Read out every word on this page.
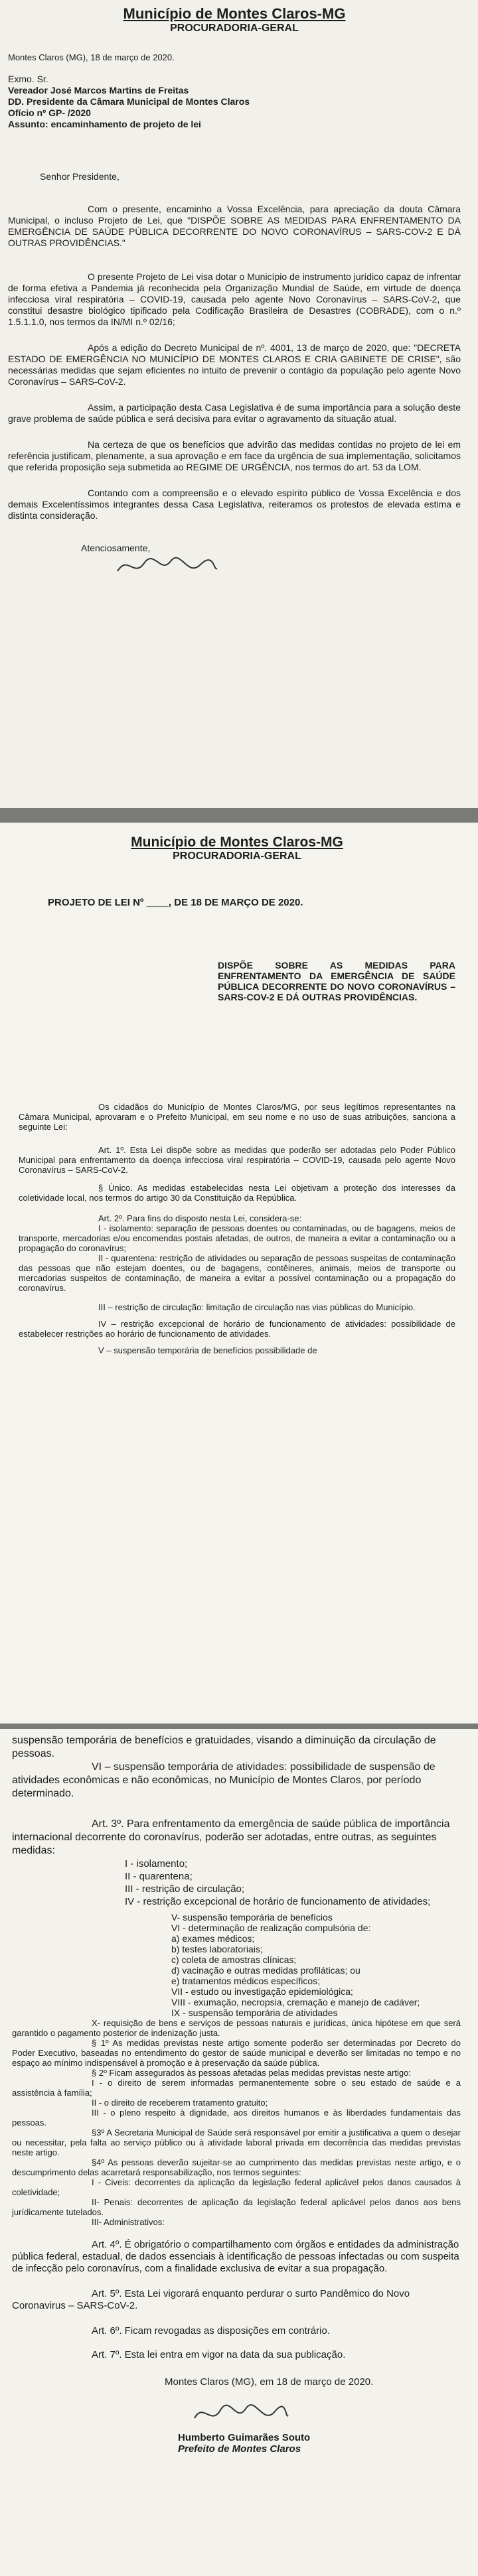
Município de Montes Claros-MG

PROCURADORIA-GERAL

Montes Claros (MG), 18 de março de 2020.

Exmo. Sr.

Vereador José Marcos Martins de Freitas

DD. Presidente da Câmara Municipal de Montes Claros

Ofício nº GP- /2020

Assunto: encaminhamento de projeto de lei

Senhor Presidente,

Com o presente, encaminho a Vossa Excelência, para apreciação da douta Câmara Municipal, o incluso Projeto de Lei, que "DISPÕE SOBRE AS MEDIDAS PARA ENFRENTAMENTO DA EMERGÊNCIA DE SAÚDE PÚBLICA DECORRENTE DO NOVO CORONAVÍRUS – SARS-COV-2 E DÁ OUTRAS PROVIDÊNCIAS."

O presente Projeto de Lei visa dotar o Município de instrumento jurídico capaz de infrentar de forma efetiva a Pandemia já reconhecida pela Organização Mundial de Saúde, em virtude de doença infecciosa viral respiratória – COVID-19, causada pelo agente Novo Coronavírus – SARS-CoV-2, que constitui desastre biológico tipificado pela Codificação Brasileira de Desastres (COBRADE), com o n.º 1.5.1.1.0, nos termos da IN/MI n.º 02/16;

Após a edição do Decreto Municipal de nº. 4001, 13 de março de 2020, que: "DECRETA ESTADO DE EMERGÊNCIA NO MUNICÍPIO DE MONTES CLAROS E CRIA GABINETE DE CRISE", são necessárias medidas que sejam eficientes no intuito de prevenir o contágio da população pelo agente Novo Coronavírus – SARS-CoV-2.

Assim, a participação desta Casa Legislativa é de suma importância para a solução deste grave problema de saúde pública e será decisiva para evitar o agravamento da situação atual.

Na certeza de que os benefícios que advirão das medidas contidas no projeto de lei em referência justificam, plenamente, a sua aprovação e em face da urgência de sua implementação, solicitamos que referida proposição seja submetida ao REGIME DE URGÊNCIA, nos termos do art. 53 da LOM.

Contando com a compreensão e o elevado espírito público de Vossa Excelência e dos demais Excelentíssimos integrantes dessa Casa Legislativa, reiteramos os protestos de elevada estima e distinta consideração.

Atenciosamente,

Município de Montes Claros-MG

PROCURADORIA-GERAL

PROJETO DE LEI Nº ____, DE 18 DE MARÇO DE 2020.

DISPÕE SOBRE AS MEDIDAS PARA ENFRENTAMENTO DA EMERGÊNCIA DE SAÚDE PÚBLICA DECORRENTE DO NOVO CORONAVÍRUS – SARS-COV-2 E DÁ OUTRAS PROVIDÊNCIAS.

Os cidadãos do Município de Montes Claros/MG, por seus legítimos representantes na Câmara Municipal, aprovaram e o Prefeito Municipal, em seu nome e no uso de suas atribuições, sanciona a seguinte Lei:

Art. 1º. Esta Lei dispõe sobre as medidas que poderão ser adotadas pelo Poder Público Municipal para enfrentamento da doença infecciosa viral respiratória – COVID-19, causada pelo agente Novo Coronavírus – SARS-CoV-2.

§ Único. As medidas estabelecidas nesta Lei objetivam a proteção dos interesses da coletividade local, nos termos do artigo 30 da Constituição da República.

Art. 2º. Para fins do disposto nesta Lei, considera-se:

I - isolamento: separação de pessoas doentes ou contaminadas, ou de bagagens, meios de transporte, mercadorias e/ou encomendas postais afetadas, de outros, de maneira a evitar a contaminação ou a propagação do coronavírus;

II - quarentena: restrição de atividades ou separação de pessoas suspeitas de contaminação das pessoas que não estejam doentes, ou de bagagens, contêineres, animais, meios de transporte ou mercadorias suspeitos de contaminação, de maneira a evitar a possível contaminação ou a propagação do coronavírus.

III – restrição de circulação: limitação de circulação nas vias públicas do Município.

IV – restrição excepcional de horário de funcionamento de atividades: possibilidade de estabelecer restrições ao horário de funcionamento de atividades.

V – suspensão temporária de benefícios possibilidade de

suspensão temporária de benefícios e gratuidades, visando a diminuição da circulação de pessoas.

VI – suspensão temporária de atividades: possibilidade de suspensão de atividades econômicas e não econômicas, no Município de Montes Claros, por período determinado.

Art. 3º. Para enfrentamento da emergência de saúde pública de importância internacional decorrente do coronavírus, poderão ser adotadas, entre outras, as seguintes medidas:

I - isolamento;

II - quarentena;

III - restrição de circulação;

IV - restrição excepcional de horário de funcionamento de atividades;

V- suspensão temporária de benefícios

VI - determinação de realização compulsória de:

a) exames médicos;

b) testes laboratoriais;

c) coleta de amostras clínicas;

d) vacinação e outras medidas profiláticas; ou

e) tratamentos médicos específicos;

VII - estudo ou investigação epidemiológica;

VIII - exumação, necropsia, cremação e manejo de cadáver;

IX - suspensão temporária de atividades

X- requisição de bens e serviços de pessoas naturais e jurídicas, única hipótese em que será garantido o pagamento posterior de indenização justa.

§ 1º As medidas previstas neste artigo somente poderão ser determinadas por Decreto do Poder Executivo, baseadas no entendimento do gestor de saúde municipal e deverão ser limitadas no tempo e no espaço ao mínimo indispensável à promoção e à preservação da saúde pública.

§ 2º Ficam assegurados às pessoas afetadas pelas medidas previstas neste artigo:

I - o direito de serem informadas permanentemente sobre o seu estado de saúde e a assistência à família;

II - o direito de receberem tratamento gratuito;

III - o pleno respeito à dignidade, aos direitos humanos e às liberdades fundamentais das pessoas.

§3º A Secretaria Municipal de Saúde será responsável por emitir a justificativa a quem o desejar ou necessitar, pela falta ao serviço público ou à atividade laboral privada em decorrência das medidas previstas neste artigo.

§4º As pessoas deverão sujeitar-se ao cumprimento das medidas previstas neste artigo, e o descumprimento delas acarretará responsabilização, nos termos seguintes:

I - Civeis: decorrentes da aplicação da legislação federal aplicável pelos danos causados à coletividade;

II- Penais: decorrentes de aplicação da legislação federal aplicável pelos danos aos bens jurídicamente tutelados.

III- Administrativos:

Art. 4º. É obrigatório o compartilhamento com órgãos e entidades da administração pública federal, estadual, de dados essenciais à identificação de pessoas infectadas ou com suspeita de infecção pelo coronavírus, com a finalidade exclusiva de evitar a sua propagação.

Art. 5º. Esta Lei vigorará enquanto perdurar o surto Pandêmico do Novo Coronavirus – SARS-CoV-2.

Art. 6º. Ficam revogadas as disposições em contrário.

Art. 7º. Esta lei entra em vigor na data da sua publicação.

Montes Claros (MG), em 18 de março de 2020.

Humberto Guimarães Souto

Prefeito de Montes Claros
